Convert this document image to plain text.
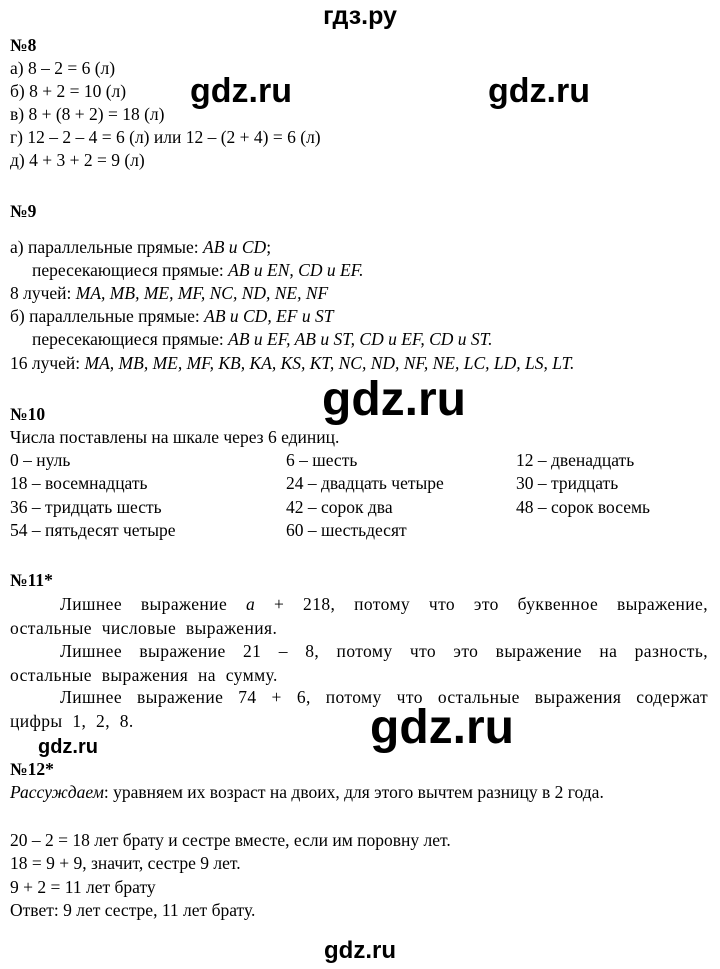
гдз.ру
№8
а) 8 – 2 = 6 (л)
б) 8 + 2 = 10 (л)
в) 8 + (8 + 2) = 18 (л)
г) 12 – 2 – 4 = 6 (л) или 12 – (2 + 4) = 6 (л)
д) 4 + 3 + 2 = 9 (л)
№9
а) параллельные прямые: AB и CD;
пересекающиеся прямые: AB и EN, CD и EF.
8 лучей: MA, MB, ME, MF, NC, ND, NE, NF
б) параллельные прямые: AB и CD, EF и ST
пересекающиеся прямые: AB и EF, AB и ST, CD и EF, CD и ST.
16 лучей: MA, MB, ME, MF, KB, KA, KS, KT, NC, ND, NF, NE, LC, LD, LS, LT.
№10
Числа поставлены на шкале через 6 единиц.
0 – нуль	6 – шесть	12 – двенадцать
18 – восемнадцать	24 – двадцать четыре	30 – тридцать
36 – тридцать шесть	42 – сорок два	48 – сорок восемь
54 – пятьдесят четыре	60 – шестьдесят
№11*
Лишнее выражение a + 218, потому что это буквенное выражение, остальные числовые выражения.
Лишнее выражение 21 – 8, потому что это выражение на разность, остальные выражения на сумму.
Лишнее выражение 74 + 6, потому что остальные выражения содержат цифры 1, 2, 8.
№12*
Рассуждаем: уравняем их возраст на двоих, для этого вычтем разницу в 2 года.
20 – 2 = 18 лет брату и сестре вместе, если им поровну лет.
18 = 9 + 9, значит, сестре 9 лет.
9 + 2 = 11 лет брату
Ответ: 9 лет сестре, 11 лет брату.
gdz.ru	gdz.ru
gdz.ru
gdz.ru
gdz.ru
gdz.ru
